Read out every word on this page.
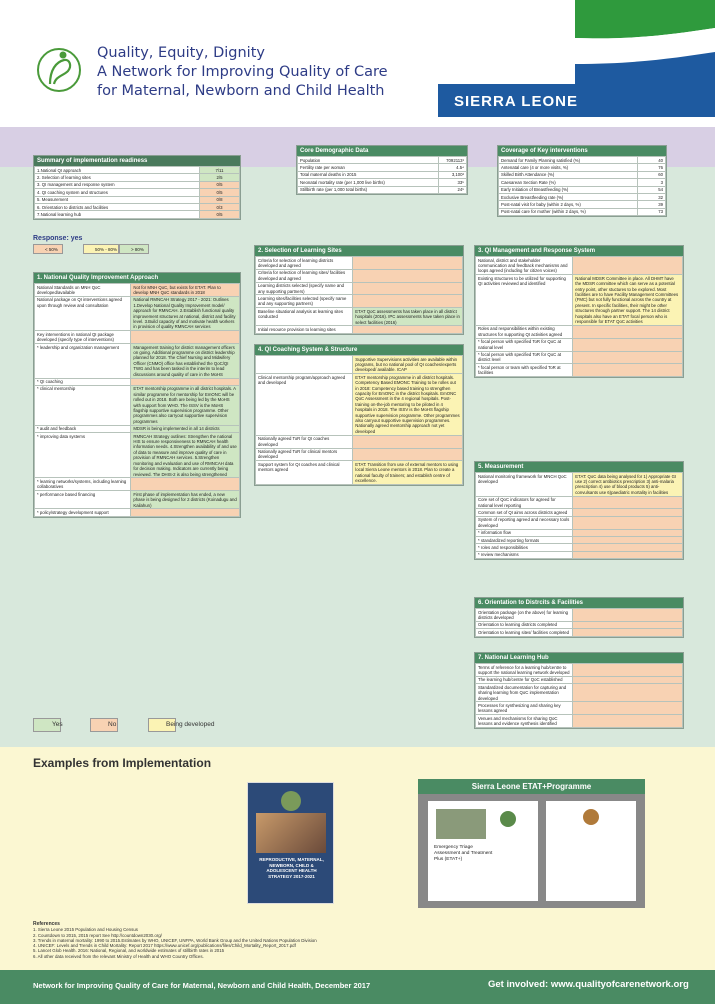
Quality, Equity, Dignity
A Network for Improving Quality of Care
for Maternal, Newborn and Child Health
SIERRA LEONE
Summary of implementation readiness
1.National QI approach	7/11
2. Selection of learning sites	2/5
3. QI management and response system	0/5
4. QI coaching system and structures	0/5
5. Measurement	0/8
6. Orientation to districts and facilities	0/3
7.National learning hub	0/5
Response: yes
< 50%	50% - 80%	> 80%
Core Demographic Data
Population	7092113¹
Fertility rate per woman	4.5⁴
Total maternal deaths in 2015	3,100²
Neonatal mortality rate (per 1,000 live births)	33⁵
Stillbirth rate (per 1,000 total births)	24⁵
Coverage of Key interventions
Demand for Family Planning satisfied (%)	40
Antenatal care (4 or more visits, %)	76
Skilled Birth Attendance (%)	60
Caesarean Section Rate (%)	3
Early Initiation of Breastfeeding (%)	54
Exclusive Breastfeeding rate (%)	32
Post-natal visit for baby (within 2 days, %)	39
Post-natal care for mother (within 2 days, %)	73
1. National Quality Improvement Approach
National Standards on MNH QoC developed/available	Not for MNH QoC, but exists for ETAT. Plan to develop MNH QoC standards in 2018
National package on QI interventions agreed upon through review and consultation	National RMNCAH Strategy 2017 - 2021: Outlines 1.Develop National Quality Improvement model/ approach for RMNCAH. 2.Establish functional quality improvement structures at national, district and facility level. 3.Build capacity of and motivate health workers in provision of quality RMNCAH services
Key interventions in national QI package developed (specify type of interventions)	
* leadership and organization management	Management training for district management officers on going. Additional programme on district leadership planned for 2018. The Chief Nursing and Midwifery Officer (CNMO) office has established the QoC/QI TWG and has been tasked in the interim to lead discussions around quality of care in the MoHS
* QI coaching	
* clinical mentorship	ETAT mentorship programme in all district hospitals. A similar programme for mentorship for EmONC will be rolled out in 2018. Both are being led by the MoHS with support from WHO. The ISSV is the MoHS flagship supportive supervision programme. Other programmes also carryout supportive supervision programmes
* audit and feedback	MDSR is being implemented in all 14 districts
* improving data systems	RMNCAH Strategy outlines: Strengthen the national HIS to ensure responsiveness to RMNCAH health information needs. 4.Strengthen availability of and use of data to measure and improve quality of care in provision of RMNCAH services. 5.Strengthen monitoring and evaluation and use of RMNCAH data for decision making. Indicators are currently being reviewed. The DHIS-2 is also being strengthened
* learning networks/systems, including learning collaboratives	
* performance based financing	First phase of implementation has ended, a new phase is being designed for 2 districts (Koinadugu and Kailahun)
* policy/strategy development support	
2. Selection of Learning Sites
Criteria for selection of learning districts developed and agreed	
Criteria for selection of learning sites/ facilities developed and agreed	
Learning districts selected (specify name and any supporting partners)	
Learning sites/facilities selected (specify name and any supporting partners)	
Baseline situational analysis at learning sites conducted	ETAT QoC assessments has taken place in all district hospitals (2016). IPC assessments have taken place in select facilities (2016)
Initial resource provision to learning sites	
4. QI Coaching System & Structure
	Supportive Supervisions activities are available within programs, but no national pool of QI coaches/experts developed/ available. ICAP
Clinical mentorship program/approach agreed and developed	ETAT mentorship programme in all district hospitals. Competency Based EMONC Training to be rolles out in 2018: Competency based training to strengthen capacity for EmONC in the district hospitals. EmONC QoC Assessment in the 4 regional hospitals. Post-training on-the-job mentoring to be piloted in 4 hospitals in 2018. The ISSV is the MoHS flagship supportive supervision programme. Other programmes also carryout supportive supervision programmes. Nationally agreed mentorship approach not yet developed
Nationally agreed ToR for QI coaches developed	
Nationally agreed ToR for clinical mentors developed	
Support system for QI coaches and clinical mentors agreed	ETAT: Transition from use of external mentors to using local Sierra Leone mentors in 2018. Plan to create a national faculty of trainers; and establish centre of excellence.
3. QI Management and Response System
National, district and stakeholder communication and feedback mechanisms and loops agreed (including for citizen voices)	
Existing structures to be utilized for supporting QI activities reviewed and identified	National MDSR Committee in place. All DHMT have the MDSR committee which can serve as a potential entry point, other stuctures to be explored. Most facilities are to have Facility Management Committees (FMC) but not fully functional across the country at present. In specific facilities, their might be other structures through partner support. The 14 district hospitals also have an ETAT focal person who is responsible for ETAT QoC activities
Roles and responsibilities within existing structures for supporting QI activities agreed	
* focal person with specified ToR for QoC at national level	
* focal person with specified ToR for QoC at district level	
* focal person or team with specified ToR at facilities	
5. Measurement
National monitoring framework for MNCH QoC developed	ETAT: QoC data being analysed for 1) Appropriate GI use 2) correct antibiotics prescription 3) anti-malaria prescription 4) use of blood products 5) anti-convulsants use 6)paediatric mortality in facilities
Core set of QoC indicators for agreed for national level reporting	
Common set of QI aims across districts agreed	
System of reporting agreed and necessary tools developed	
* information flow	
* standardized reporting formats	
* roles and responsibilities	
* review mechanisms	
6. Orientation to Distrcits & Facilities
Orientation package (on the above) for learning districts developed	
Orientation to learning districts completed	
Orientation to learning sites/ facilities completed	
7. National Learning Hub
Terms of reference for a learning hub/centre to support the national learning network developed	
The learning hub/centre for QoC established	
Standardized documentation for capturing and sharing learning from QoC implementation developed	
Processes for synthesizing and sharing key lessons agreed	
Venues and mechanisms for sharing QoC lessons and evidence synthesis identified	
Yes	No	Being developed
Examples from Implementation
REPRODUCTIVE, MATERNAL, NEWBORN, CHILD & ADOLESCENT HEALTH STRATEGY 2017-2021
Sierra Leone ETAT+Programme
Emergency Triage Assessment and Treatment Plus (ETAT+)
References
1. Sierra Leone 2015 Population and Housing Census
2. Countdown to 2015, 2015 report See http://countdown2030.org/
3. Trends in maternal mortality: 1990 to 2015.Estimates by WHO, UNICEF, UNFPA, World Bank Group and the United Nations Population Division
4. UNICEF: Levels and Trends in Child Mortality: Report 2017 https://www.unicef.org/publications/files/Child_Mortality_Report_2017.pdf
5. Lancet Glob Health. 2016: National, Regional, and worldwide estimates of stillbirth rates in 2015
6. All other data received from the relevant Ministry of Health and WHO Country Offices.
Network for Improving Quality of Care for Maternal, Newborn and Child Health, December 2017	Get involved: www.qualityofcarenetwork.org
